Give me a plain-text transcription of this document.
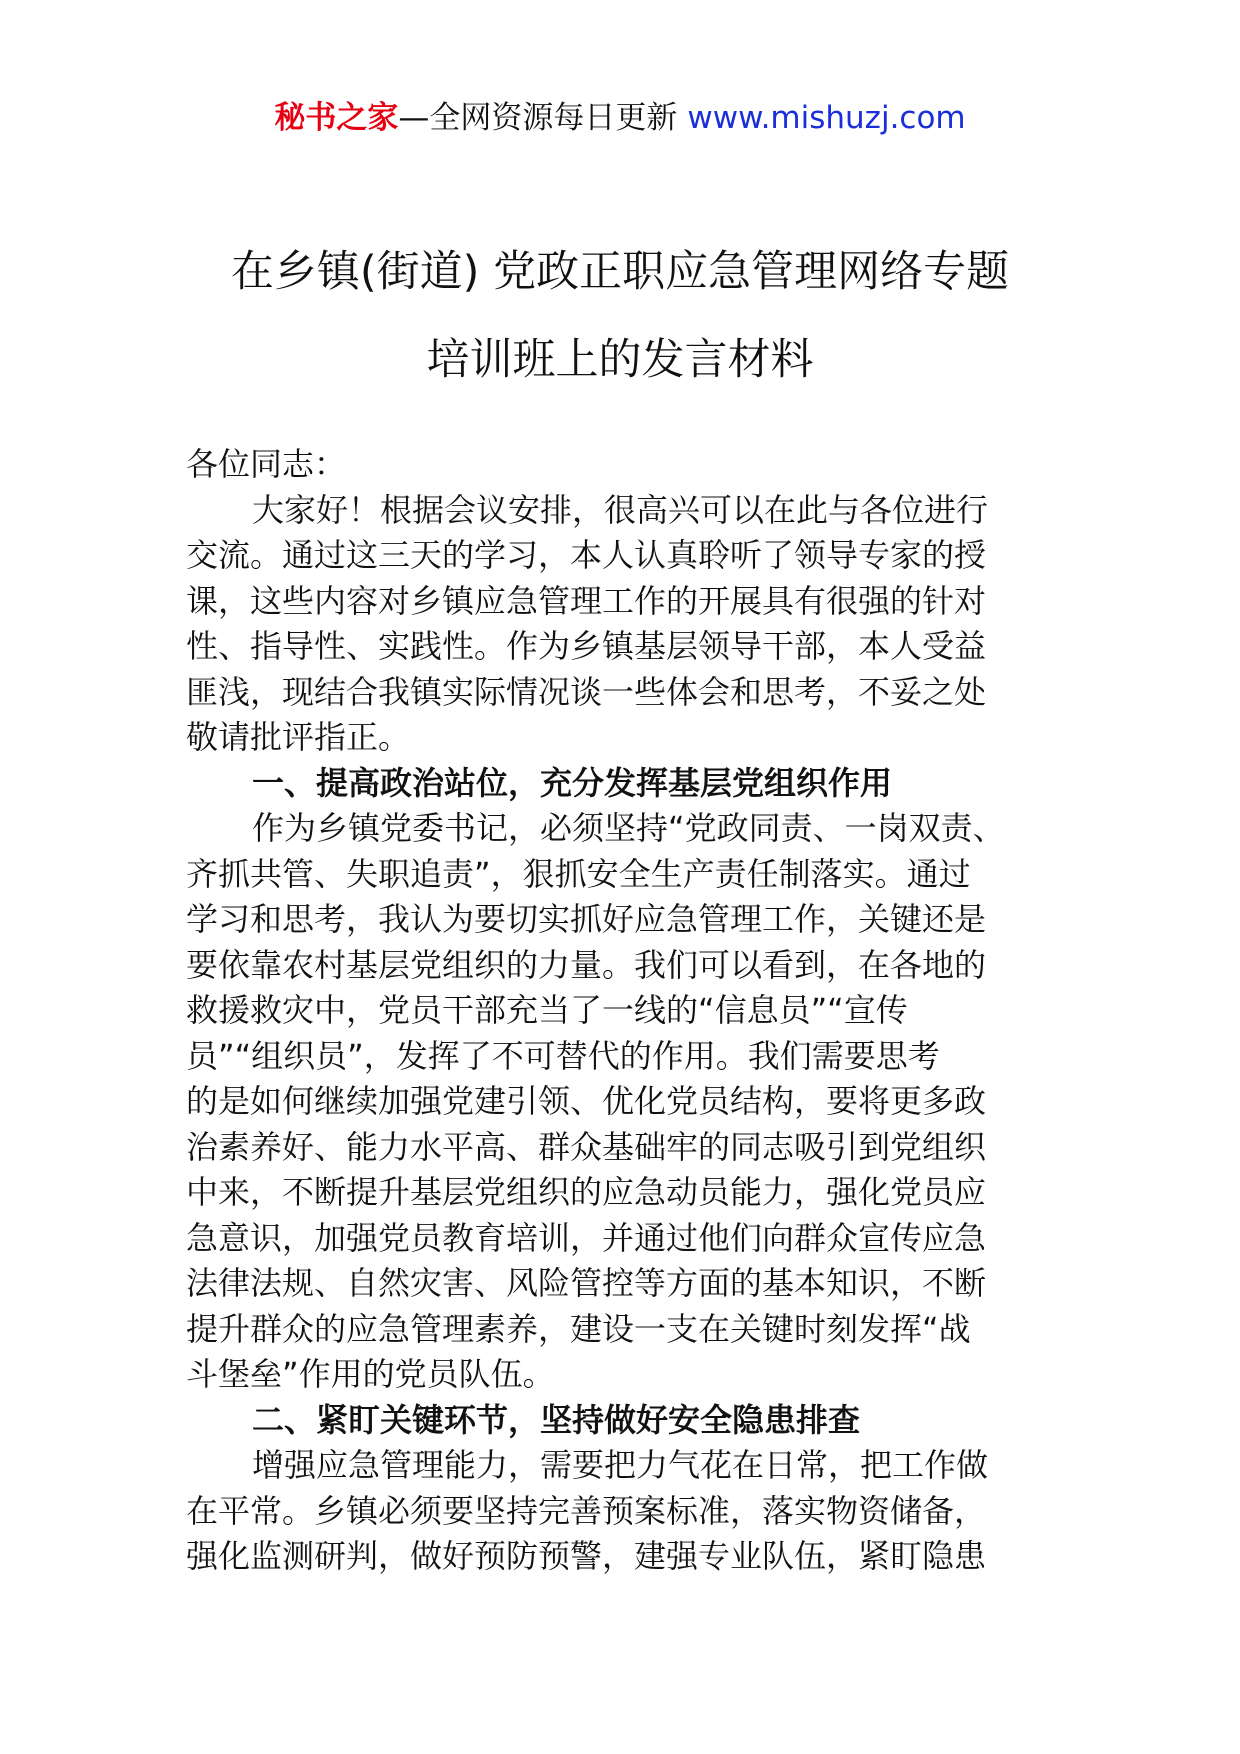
秘书之家—全网资源每日更新 www.mishuzj.com
在乡镇(街道) 党政正职应急管理网络专题
培训班上的发言材料
各位同志：
大家好！根据会议安排，很高兴可以在此与各位进行
交流。通过这三天的学习，本人认真聆听了领导专家的授
课，这些内容对乡镇应急管理工作的开展具有很强的针对
性、指导性、实践性。作为乡镇基层领导干部，本人受益
匪浅，现结合我镇实际情况谈一些体会和思考，不妥之处
敬请批评指正。
一、提高政治站位，充分发挥基层党组织作用
作为乡镇党委书记，必须坚持“党政同责、一岗双责、
齐抓共管、失职追责”，狠抓安全生产责任制落实。通过
学习和思考，我认为要切实抓好应急管理工作，关键还是
要依靠农村基层党组织的力量。我们可以看到，在各地的
救援救灾中，党员干部充当了一线的“信息员”“宣传
员”“组织员”，发挥了不可替代的作用。我们需要思考
的是如何继续加强党建引领、优化党员结构，要将更多政
治素养好、能力水平高、群众基础牢的同志吸引到党组织
中来，不断提升基层党组织的应急动员能力，强化党员应
急意识，加强党员教育培训，并通过他们向群众宣传应急
法律法规、自然灾害、风险管控等方面的基本知识，不断
提升群众的应急管理素养，建设一支在关键时刻发挥“战
斗堡垒”作用的党员队伍。
二、紧盯关键环节，坚持做好安全隐患排查
增强应急管理能力，需要把力气花在日常，把工作做
在平常。乡镇必须要坚持完善预案标准，落实物资储备，
强化监测研判，做好预防预警，建强专业队伍，紧盯隐患
